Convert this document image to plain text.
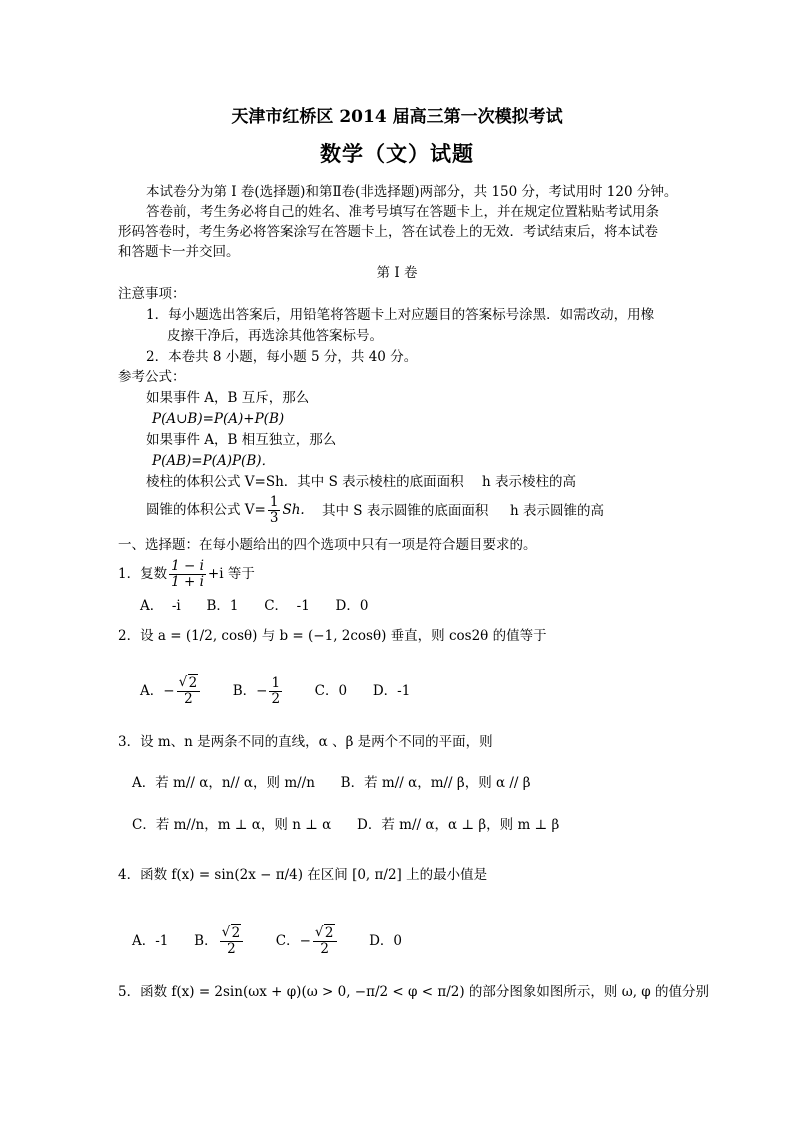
天津市红桥区 2014 届高三第一次模拟考试
数学（文）试题
本试卷分为第 I 卷(选择题)和第Ⅱ卷(非选择题)两部分，共 150 分，考试用时 120 分钟。
答卷前，考生务必将自己的姓名、准考号填写在答题卡上，并在规定位置粘贴考试用条
形码答卷时，考生务必将答案涂写在答题卡上，答在试卷上的无效．考试结束后，将本试卷
和答题卡一并交回。
第 I 卷
注意事项：
1．每小题选出答案后，用铅笔将答题卡上对应题目的答案标号涂黑．如需改动，用橡
皮擦干净后，再选涂其他答案标号。
2．本卷共 8 小题，每小题 5 分，共 40 分。
参考公式：
如果事件 A，B 互斥，那么
P(A∪B)=P(A)+P(B)
如果事件 A，B 相互独立，那么
P(AB)=P(A)P(B)．
棱柱的体积公式 V=Sh．其中 S 表示棱柱的底面面积 h 表示棱柱的高
圆锥的体积公式 $V= \frac{1}{3} Sh$. 其中 S 表示圆锥的底面面积 h 表示圆锥的高
一、选择题：在每小题给出的四个选项中只有一项是符合题目要求的。
1．复数 $\frac{1 - i}{1 + i} +i$ 等于
A．  -i      B．1      C．  -1      D．0
2．设 a = (1/2, cosθ) 与 b = (−1, 2cosθ) 垂直，则 cos2θ 的值等于
A．− √ $\frac{2}{2}$ B．− $\frac{1}{2}$ C．0      D．-1
3．设 m、n 是两条不同的直线，α 、β 是两个不同的平面，则
A．若 m// α，n// α，则 m//n      B．若 m// α，m// β，则 α // β
C．若 m//n，m ⊥ α，则 n ⊥ α      D．若 m// α，α ⊥ β，则 m ⊥ β
4．函数 f(x) = sin(2x − π/4) 在区间 [0, π/2] 上的最小值是
A．-1      B． √ $\frac{2}{2}$ C．− √ $\frac{2}{2}$ D．0
5．函数 f(x) = 2sin(ωx + φ)(ω > 0, −π/2 < φ < π/2) 的部分图象如图所示，则 ω, φ 的值分别
